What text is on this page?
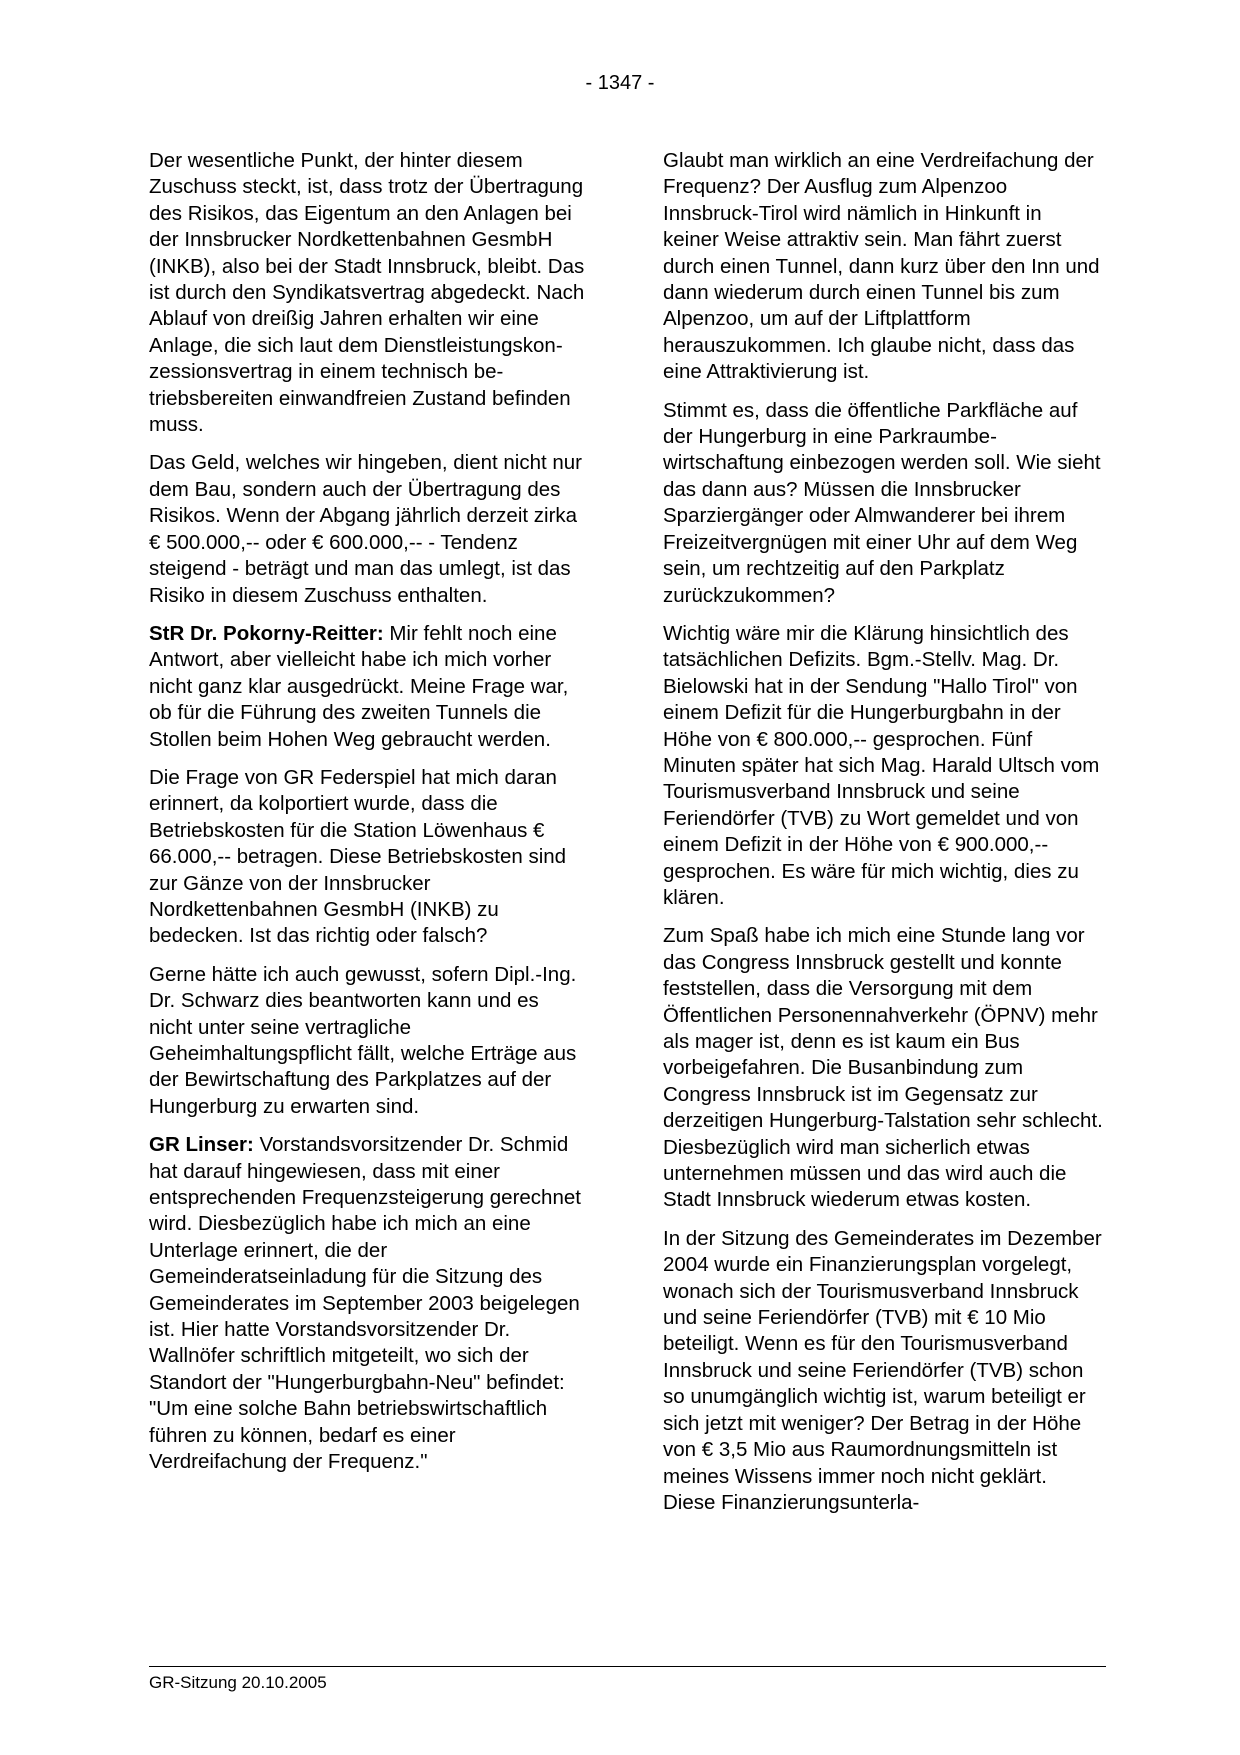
- 1347 -

Der wesentliche Punkt, der hinter diesem Zuschuss steckt, ist, dass trotz der Übertragung des Risikos, das Eigentum an den Anlagen bei der Innsbrucker Nordkettenbahnen GesmbH (INKB), also bei der Stadt Innsbruck, bleibt. Das ist durch den Syndikatsvertrag abgedeckt. Nach Ablauf von dreißig Jahren erhalten wir eine Anlage, die sich laut dem Dienstleistungskonzessionsvertrag in einem technisch betriebsbereiten einwandfreien Zustand befinden muss.

Das Geld, welches wir hingeben, dient nicht nur dem Bau, sondern auch der Übertragung des Risikos. Wenn der Abgang jährlich derzeit zirka € 500.000,-- oder € 600.000,-- - Tendenz steigend - beträgt und man das umlegt, ist das Risiko in diesem Zuschuss enthalten.

StR Dr. Pokorny-Reitter: Mir fehlt noch eine Antwort, aber vielleicht habe ich mich vorher nicht ganz klar ausgedrückt. Meine Frage war, ob für die Führung des zweiten Tunnels die Stollen beim Hohen Weg gebraucht werden.

Die Frage von GR Federspiel hat mich daran erinnert, da kolportiert wurde, dass die Betriebskosten für die Station Löwenhaus € 66.000,-- betragen. Diese Betriebskosten sind zur Gänze von der Innsbrucker Nordkettenbahnen GesmbH (INKB) zu bedecken. Ist das richtig oder falsch?

Gerne hätte ich auch gewusst, sofern Dipl.-Ing. Dr. Schwarz dies beantworten kann und es nicht unter seine vertragliche Geheimhaltungspflicht fällt, welche Erträge aus der Bewirtschaftung des Parkplatzes auf der Hungerburg zu erwarten sind.

GR Linser: Vorstandsvorsitzender Dr. Schmid hat darauf hingewiesen, dass mit einer entsprechenden Frequenzsteigerung gerechnet wird. Diesbezüglich habe ich mich an eine Unterlage erinnert, die der Gemeinderatseinladung für die Sitzung des Gemeinderates im September 2003 beigelegen ist. Hier hatte Vorstandsvorsitzender Dr. Wallnöfer schriftlich mitgeteilt, wo sich der Standort der "Hungerburgbahn-Neu" befindet: "Um eine solche Bahn betriebswirtschaftlich führen zu können, bedarf es einer Verdreifachung der Frequenz."

Glaubt man wirklich an eine Verdreifachung der Frequenz? Der Ausflug zum Alpenzoo Innsbruck-Tirol wird nämlich in Hinkunft in keiner Weise attraktiv sein. Man fährt zuerst durch einen Tunnel, dann kurz über den Inn und dann wiederum durch einen Tunnel bis zum Alpenzoo, um auf der Liftplattform herauszukommen. Ich glaube nicht, dass das eine Attraktivierung ist.

Stimmt es, dass die öffentliche Parkfläche auf der Hungerburg in eine Parkraumbewirtschaftung einbezogen werden soll. Wie sieht das dann aus? Müssen die Innsbrucker Sparziergänger oder Almwanderer bei ihrem Freizeitvergnügen mit einer Uhr auf dem Weg sein, um rechtzeitig auf den Parkplatz zurückzukommen?

Wichtig wäre mir die Klärung hinsichtlich des tatsächlichen Defizits. Bgm.-Stellv. Mag. Dr. Bielowski hat in der Sendung "Hallo Tirol" von einem Defizit für die Hungerburgbahn in der Höhe von € 800.000,-- gesprochen. Fünf Minuten später hat sich Mag. Harald Ultsch vom Tourismusverband Innsbruck und seine Feriendörfer (TVB) zu Wort gemeldet und von einem Defizit in der Höhe von € 900.000,-- gesprochen. Es wäre für mich wichtig, dies zu klären.

Zum Spaß habe ich mich eine Stunde lang vor das Congress Innsbruck gestellt und konnte feststellen, dass die Versorgung mit dem Öffentlichen Personennahverkehr (ÖPNV) mehr als mager ist, denn es ist kaum ein Bus vorbeigefahren. Die Busanbindung zum Congress Innsbruck ist im Gegensatz zur derzeitigen Hungerburg-Talstation sehr schlecht. Diesbezüglich wird man sicherlich etwas unternehmen müssen und das wird auch die Stadt Innsbruck wiederum etwas kosten.

In der Sitzung des Gemeinderates im Dezember 2004 wurde ein Finanzierungsplan vorgelegt, wonach sich der Tourismusverband Innsbruck und seine Feriendörfer (TVB) mit € 10 Mio beteiligt. Wenn es für den Tourismusverband Innsbruck und seine Feriendörfer (TVB) schon so unumgänglich wichtig ist, warum beteiligt er sich jetzt mit weniger? Der Betrag in der Höhe von € 3,5 Mio aus Raumordnungsmitteln ist meines Wissens immer noch nicht geklärt. Diese Finanzierungsunterla-

GR-Sitzung 20.10.2005
